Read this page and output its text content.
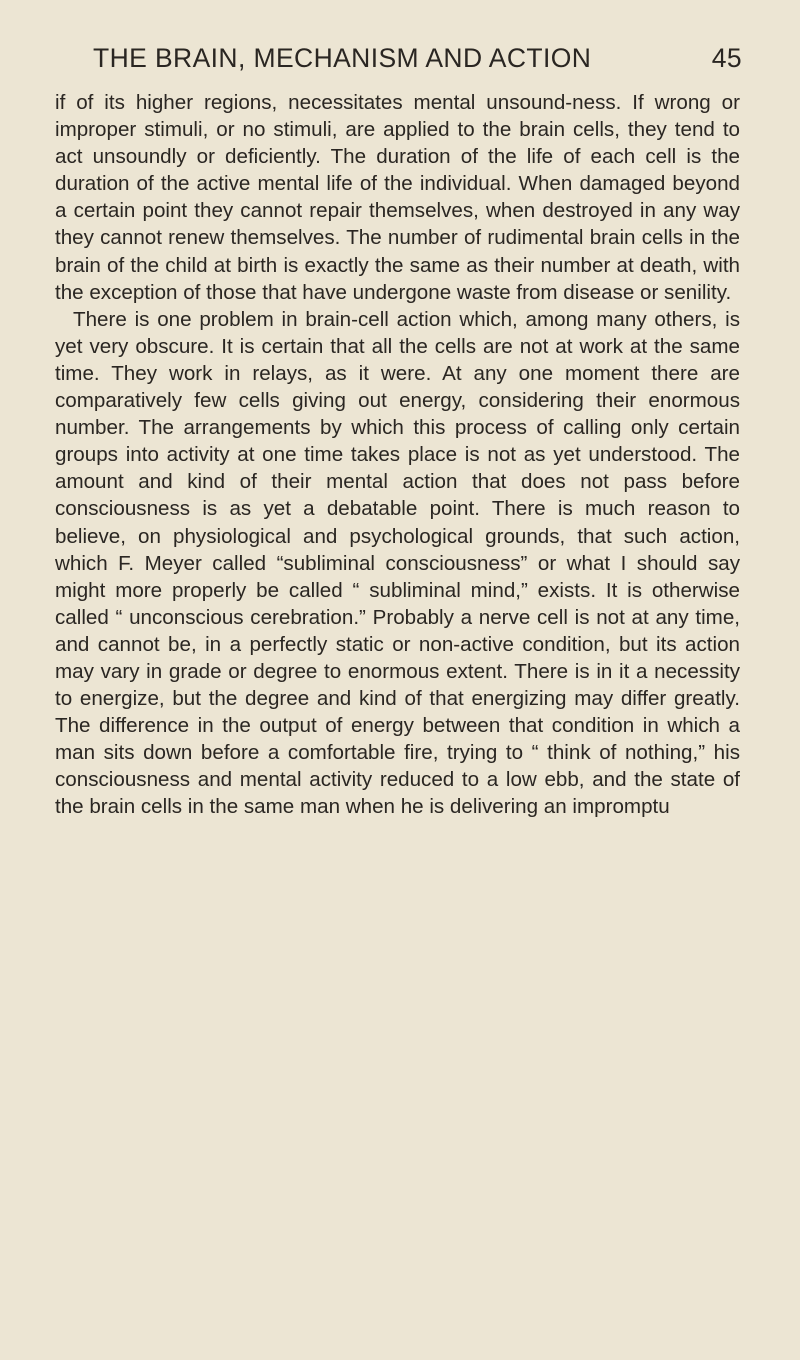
THE BRAIN, MECHANISM AND ACTION	45

if of its higher regions, necessitates mental unsound-ness. If wrong or improper stimuli, or no stimuli, are applied to the brain cells, they tend to act unsoundly or deficiently. The duration of the life of each cell is the duration of the active mental life of the individual. When damaged beyond a certain point they cannot repair themselves, when destroyed in any way they cannot renew themselves. The number of rudimental brain cells in the brain of the child at birth is exactly the same as their number at death, with the exception of those that have undergone waste from disease or senility.

There is one problem in brain-cell action which, among many others, is yet very obscure. It is certain that all the cells are not at work at the same time. They work in relays, as it were. At any one moment there are comparatively few cells giving out energy, considering their enormous number. The arrangements by which this process of calling only certain groups into activity at one time takes place is not as yet understood. The amount and kind of their mental action that does not pass before consciousness is as yet a debatable point. There is much reason to believe, on physiological and psychological grounds, that such action, which F. Meyer called “subliminal consciousness” or what I should say might more properly be called “ subliminal mind,” exists. It is otherwise called “ unconscious cerebration.” Probably a nerve cell is not at any time, and cannot be, in a perfectly static or non-active condition, but its action may vary in grade or degree to enormous extent. There is in it a necessity to energize, but the degree and kind of that energizing may differ greatly. The difference in the output of energy between that condition in which a man sits down before a comfortable fire, trying to “ think of nothing,” his consciousness and mental activity reduced to a low ebb, and the state of the brain cells in the same man when he is delivering an impromptu
